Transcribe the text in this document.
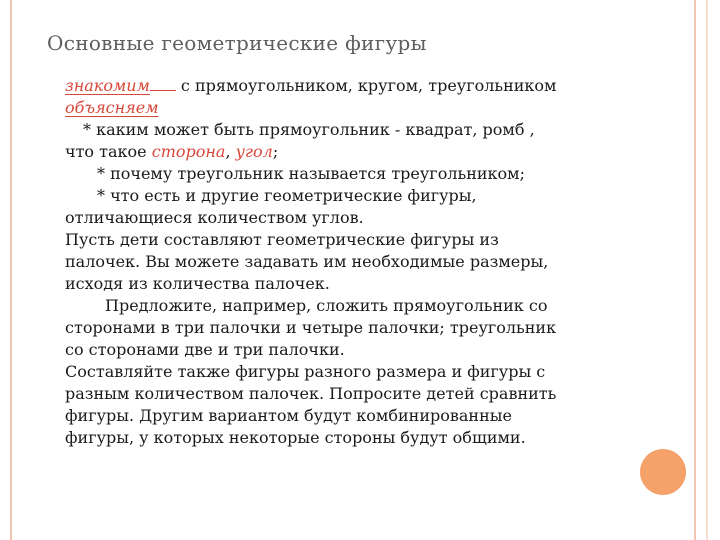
Основные геометрические фигуры
знакомим с прямоугольником, кругом, треугольником
объясняем
* каким может быть прямоугольник - квадрат, ромб ,
что такое сторона, угол;
* почему треугольник называется треугольником;
* что есть и другие геометрические фигуры,
отличающиеся количеством углов.
Пусть дети составляют геометрические фигуры из
палочек. Вы можете задавать им необходимые размеры,
исходя из количества палочек.
Предложите, например, сложить прямоугольник со
сторонами в три палочки и четыре палочки; треугольник
со сторонами две и три палочки.
Составляйте также фигуры разного размера и фигуры с
разным количеством палочек. Попросите детей сравнить
фигуры. Другим вариантом будут комбинированные
фигуры, у которых некоторые стороны будут общими.
